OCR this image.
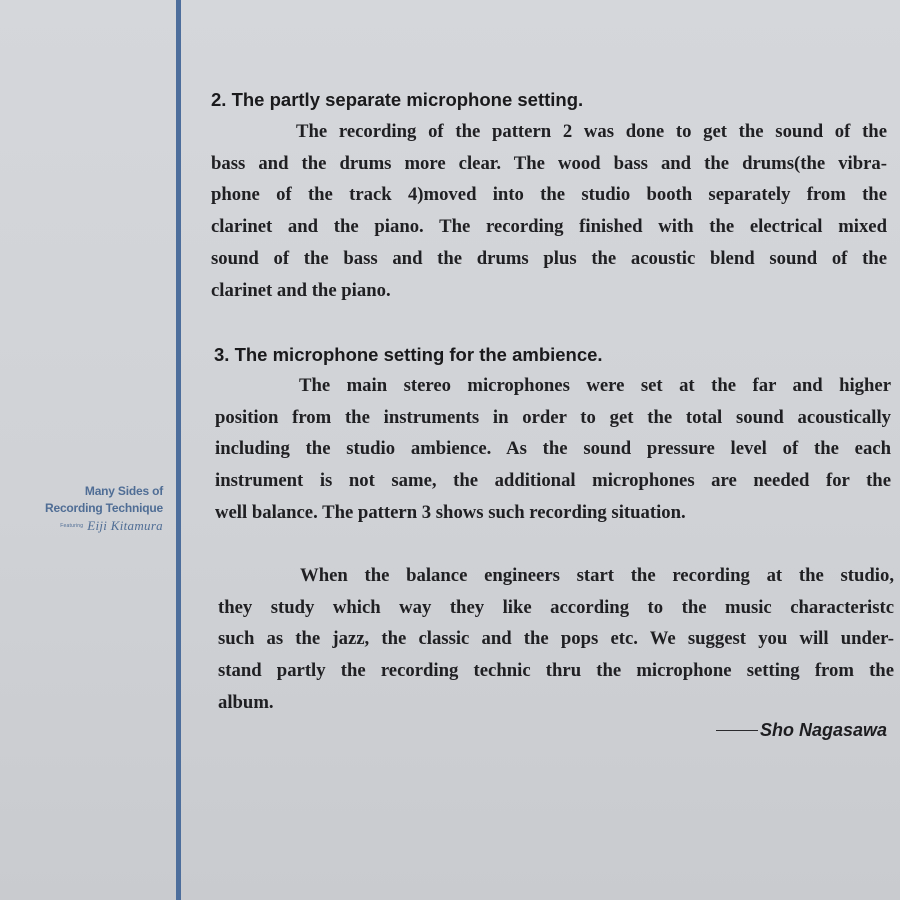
Many Sides of
Recording Technique
Featuring Eiji Kitamura
2. The partly separate microphone setting.
The recording of the pattern 2 was done to get the sound of the
bass and the drums more clear. The wood bass and the drums(the vibra-
phone of the track 4)moved into the studio booth separately from the
clarinet and the piano. The recording finished with the electrical mixed
sound of the bass and the drums plus the acoustic blend sound of the
clarinet and the piano.
3. The microphone setting for the ambience.
The main stereo microphones were set at the far and higher
position from the instruments in order to get the total sound acoustically
including the studio ambience. As the sound pressure level of the each
instrument is not same, the additional microphones are needed for the
well balance. The pattern 3 shows such recording situation.
When the balance engineers start the recording at the studio,
they study which way they like according to the music characteristc
such as the jazz, the classic and the pops etc. We suggest you will under-
stand partly the recording technic thru the microphone setting from the
album.
Sho Nagasawa
